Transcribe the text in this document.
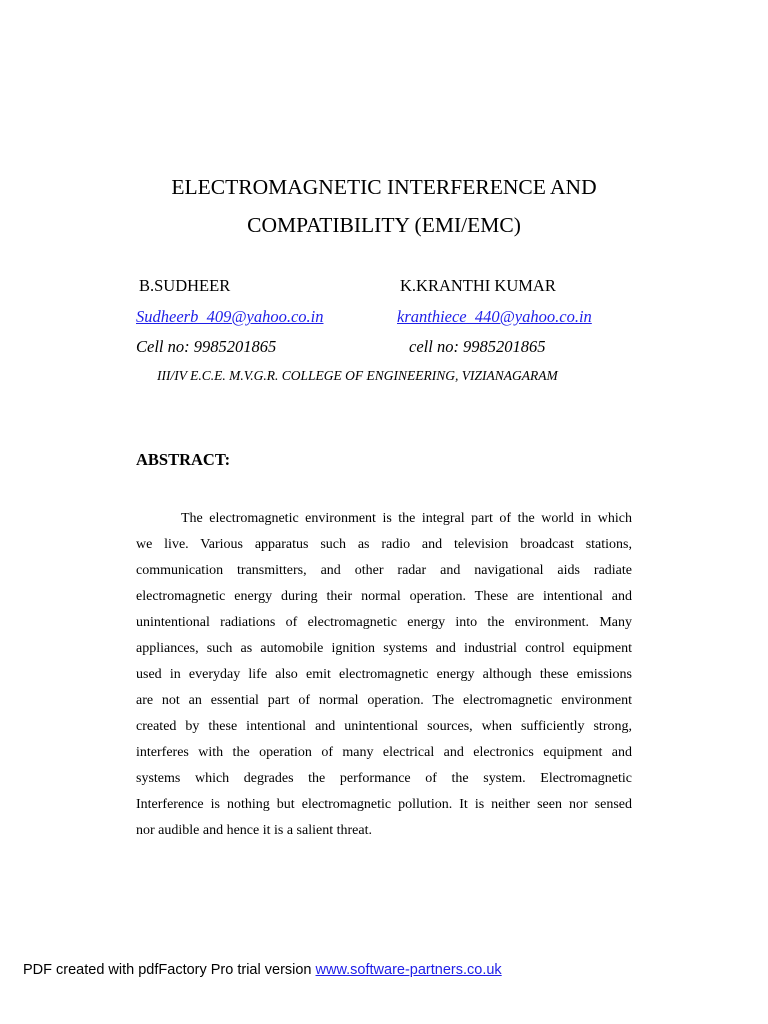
ELECTROMAGNETIC INTERFERENCE AND
COMPATIBILITY (EMI/EMC)
B.SUDHEER	K.KRANTHI KUMAR
Sudheerb_409@yahoo.co.in	kranthiece_440@yahoo.co.in
Cell no: 9985201865	cell no: 9985201865
III/IV E.C.E. M.V.G.R. COLLEGE OF ENGINEERING, VIZIANAGARAM
ABSTRACT:
The electromagnetic environment is the integral part of the world in which
we live. Various apparatus such as radio and television broadcast stations,
communication transmitters, and other radar and navigational aids radiate
electromagnetic energy during their normal operation. These are intentional and
unintentional radiations of electromagnetic energy into the environment. Many
appliances, such as automobile ignition systems and industrial control equipment
used in everyday life also emit electromagnetic energy although these emissions
are not an essential part of normal operation. The electromagnetic environment
created by these intentional and unintentional sources, when sufficiently strong,
interferes with the operation of many electrical and electronics equipment and
systems which degrades the performance of the system. Electromagnetic
Interference is nothing but electromagnetic pollution. It is neither seen nor sensed
nor audible and hence it is a salient threat.
PDF created with pdfFactory Pro trial version www.software-partners.co.uk
